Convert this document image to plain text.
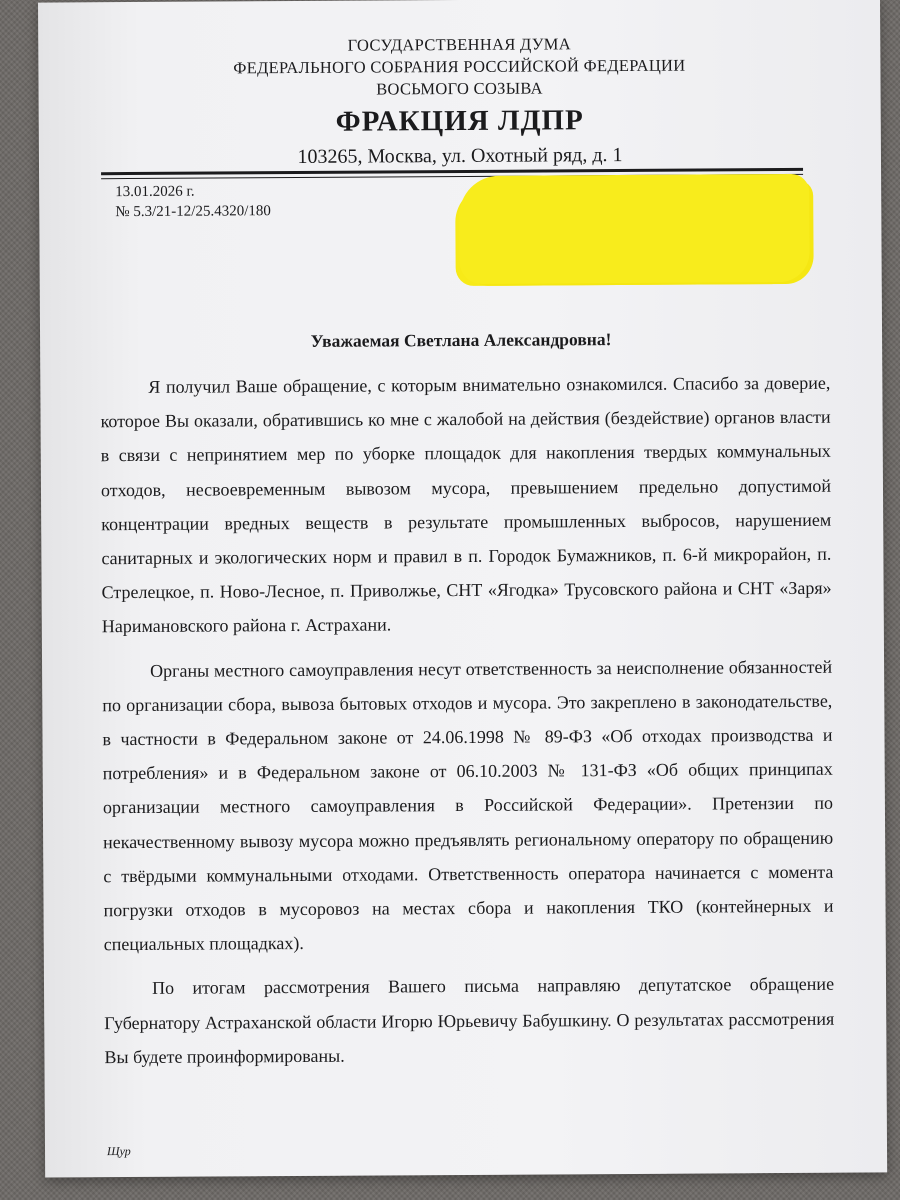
ГОСУДАРСТВЕННАЯ ДУМА
ФЕДЕРАЛЬНОГО СОБРАНИЯ РОССИЙСКОЙ ФЕДЕРАЦИИ
ВОСЬМОГО СОЗЫВА
ФРАКЦИЯ ЛДПР
103265, Москва, ул. Охотный ряд, д. 1
13.01.2026 г.
№ 5.3/21-12/25.4320/180
Уважаемая Светлана Александровна!

Я получил Ваше обращение, с которым внимательно ознакомился. Спасибо за доверие, которое Вы оказали, обратившись ко мне с жалобой на действия (бездействие) органов власти в связи с непринятием мер по уборке площадок для накопления твердых коммунальных отходов, несвоевременным вывозом мусора, превышением предельно допустимой концентрации вредных веществ в результате промышленных выбросов, нарушением санитарных и экологических норм и правил в п. Городок Бумажников, п. 6-й микрорайон, п. Стрелецкое, п. Ново-Лесное, п. Приволжье, СНТ «Ягодка» Трусовского района и СНТ «Заря» Наримановского района г. Астрахани.

Органы местного самоуправления несут ответственность за неисполнение обязанностей по организации сбора, вывоза бытовых отходов и мусора. Это закреплено в законодательстве, в частности в Федеральном законе от 24.06.1998 № 89-ФЗ «Об отходах производства и потребления» и в Федеральном законе от 06.10.2003 № 131-ФЗ «Об общих принципах организации местного самоуправления в Российской Федерации». Претензии по некачественному вывозу мусора можно предъявлять региональному оператору по обращению с твёрдыми коммунальными отходами. Ответственность оператора начинается с момента погрузки отходов в мусоровоз на местах сбора и накопления ТКО (контейнерных и специальных площадках).

По итогам рассмотрения Вашего письма направляю депутатское обращение Губернатору Астраханской области Игорю Юрьевичу Бабушкину. О результатах рассмотрения Вы будете проинформированы.

Щур
